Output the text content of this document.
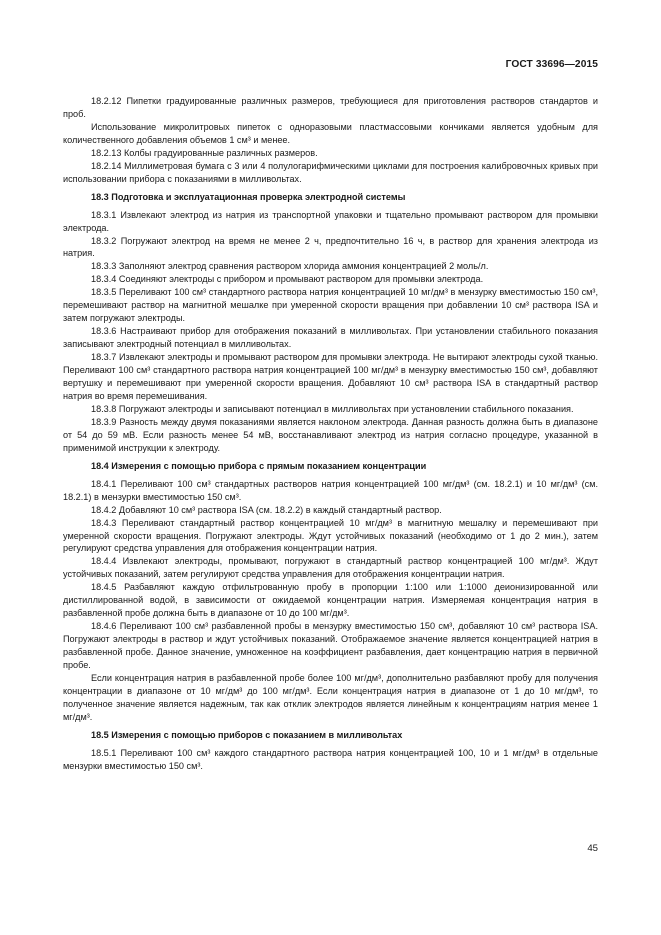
ГОСТ 33696—2015

18.2.12 Пипетки градуированные различных размеров, требующиеся для приготовления растворов стандартов и проб.

Использование микролитровых пипеток с одноразовыми пластмассовыми кончиками является удобным для количественного добавления объемов 1 см³ и менее.

18.2.13 Колбы градуированные различных размеров.

18.2.14 Миллиметровая бумага с 3 или 4 полулогарифмическими циклами для построения калибровочных кривых при использовании прибора с показаниями в милливольтах.

18.3 Подготовка и эксплуатационная проверка электродной системы

18.3.1 Извлекают электрод из натрия из транспортной упаковки и тщательно промывают раствором для промывки электрода.

18.3.2 Погружают электрод на время не менее 2 ч, предпочтительно 16 ч, в раствор для хранения электрода из натрия.

18.3.3 Заполняют электрод сравнения раствором хлорида аммония концентрацией 2 моль/л.

18.3.4 Соединяют электроды с прибором и промывают раствором для промывки электрода.

18.3.5 Переливают 100 см³ стандартного раствора натрия концентрацией 10 мг/дм³ в мензурку вместимостью 150 см³, перемешивают раствор на магнитной мешалке при умеренной скорости вращения при добавлении 10 см³ раствора ISA и затем погружают электроды.

18.3.6 Настраивают прибор для отображения показаний в милливольтах. При установлении стабильного показания записывают электродный потенциал в милливольтах.

18.3.7 Извлекают электроды и промывают раствором для промывки электрода. Не вытирают электроды сухой тканью. Переливают 100 см³ стандартного раствора натрия концентрацией 100 мг/дм³ в мензурку вместимостью 150 см³, добавляют вертушку и перемешивают при умеренной скорости вращения. Добавляют 10 см³ раствора ISA в стандартный раствор натрия во время перемешивания.

18.3.8 Погружают электроды и записывают потенциал в милливольтах при установлении стабильного показания.

18.3.9 Разность между двумя показаниями является наклоном электрода. Данная разность должна быть в диапазоне от 54 до 59 мВ. Если разность менее 54 мВ, восстанавливают электрод из натрия согласно процедуре, указанной в применимой инструкции к электроду.

18.4 Измерения с помощью прибора с прямым показанием концентрации

18.4.1 Переливают 100 см³ стандартных растворов натрия концентрацией 100 мг/дм³ (см. 18.2.1) и 10 мг/дм³ (см. 18.2.1) в мензурки вместимостью 150 см³.

18.4.2 Добавляют 10 см³ раствора ISA (см. 18.2.2) в каждый стандартный раствор.

18.4.3 Переливают стандартный раствор концентрацией 10 мг/дм³ в магнитную мешалку и перемешивают при умеренной скорости вращения. Погружают электроды. Ждут устойчивых показаний (необходимо от 1 до 2 мин.), затем регулируют средства управления для отображения концентрации натрия.

18.4.4 Извлекают электроды, промывают, погружают в стандартный раствор концентрацией 100 мг/дм³. Ждут устойчивых показаний, затем регулируют средства управления для отображения концентрации натрия.

18.4.5 Разбавляют каждую отфильтрованную пробу в пропорции 1:100 или 1:1000 деионизированной или дистиллированной водой, в зависимости от ожидаемой концентрации натрия. Измеряемая концентрация натрия в разбавленной пробе должна быть в диапазоне от 10 до 100 мг/дм³.

18.4.6 Переливают 100 см³ разбавленной пробы в мензурку вместимостью 150 см³, добавляют 10 см³ раствора ISA. Погружают электроды в раствор и ждут устойчивых показаний. Отображаемое значение является концентрацией натрия в разбавленной пробе. Данное значение, умноженное на коэффициент разбавления, дает концентрацию натрия в первичной пробе.

Если концентрация натрия в разбавленной пробе более 100 мг/дм³, дополнительно разбавляют пробу для получения концентрации в диапазоне от 10 мг/дм³ до 100 мг/дм³. Если концентрация натрия в диапазоне от 1 до 10 мг/дм³, то полученное значение является надежным, так как отклик электродов является линейным к концентрациям натрия менее 1 мг/дм³.

18.5 Измерения с помощью приборов с показанием в милливольтах

18.5.1 Переливают 100 см³ каждого стандартного раствора натрия концентрацией 100, 10 и 1 мг/дм³ в отдельные мензурки вместимостью 150 см³.

45
